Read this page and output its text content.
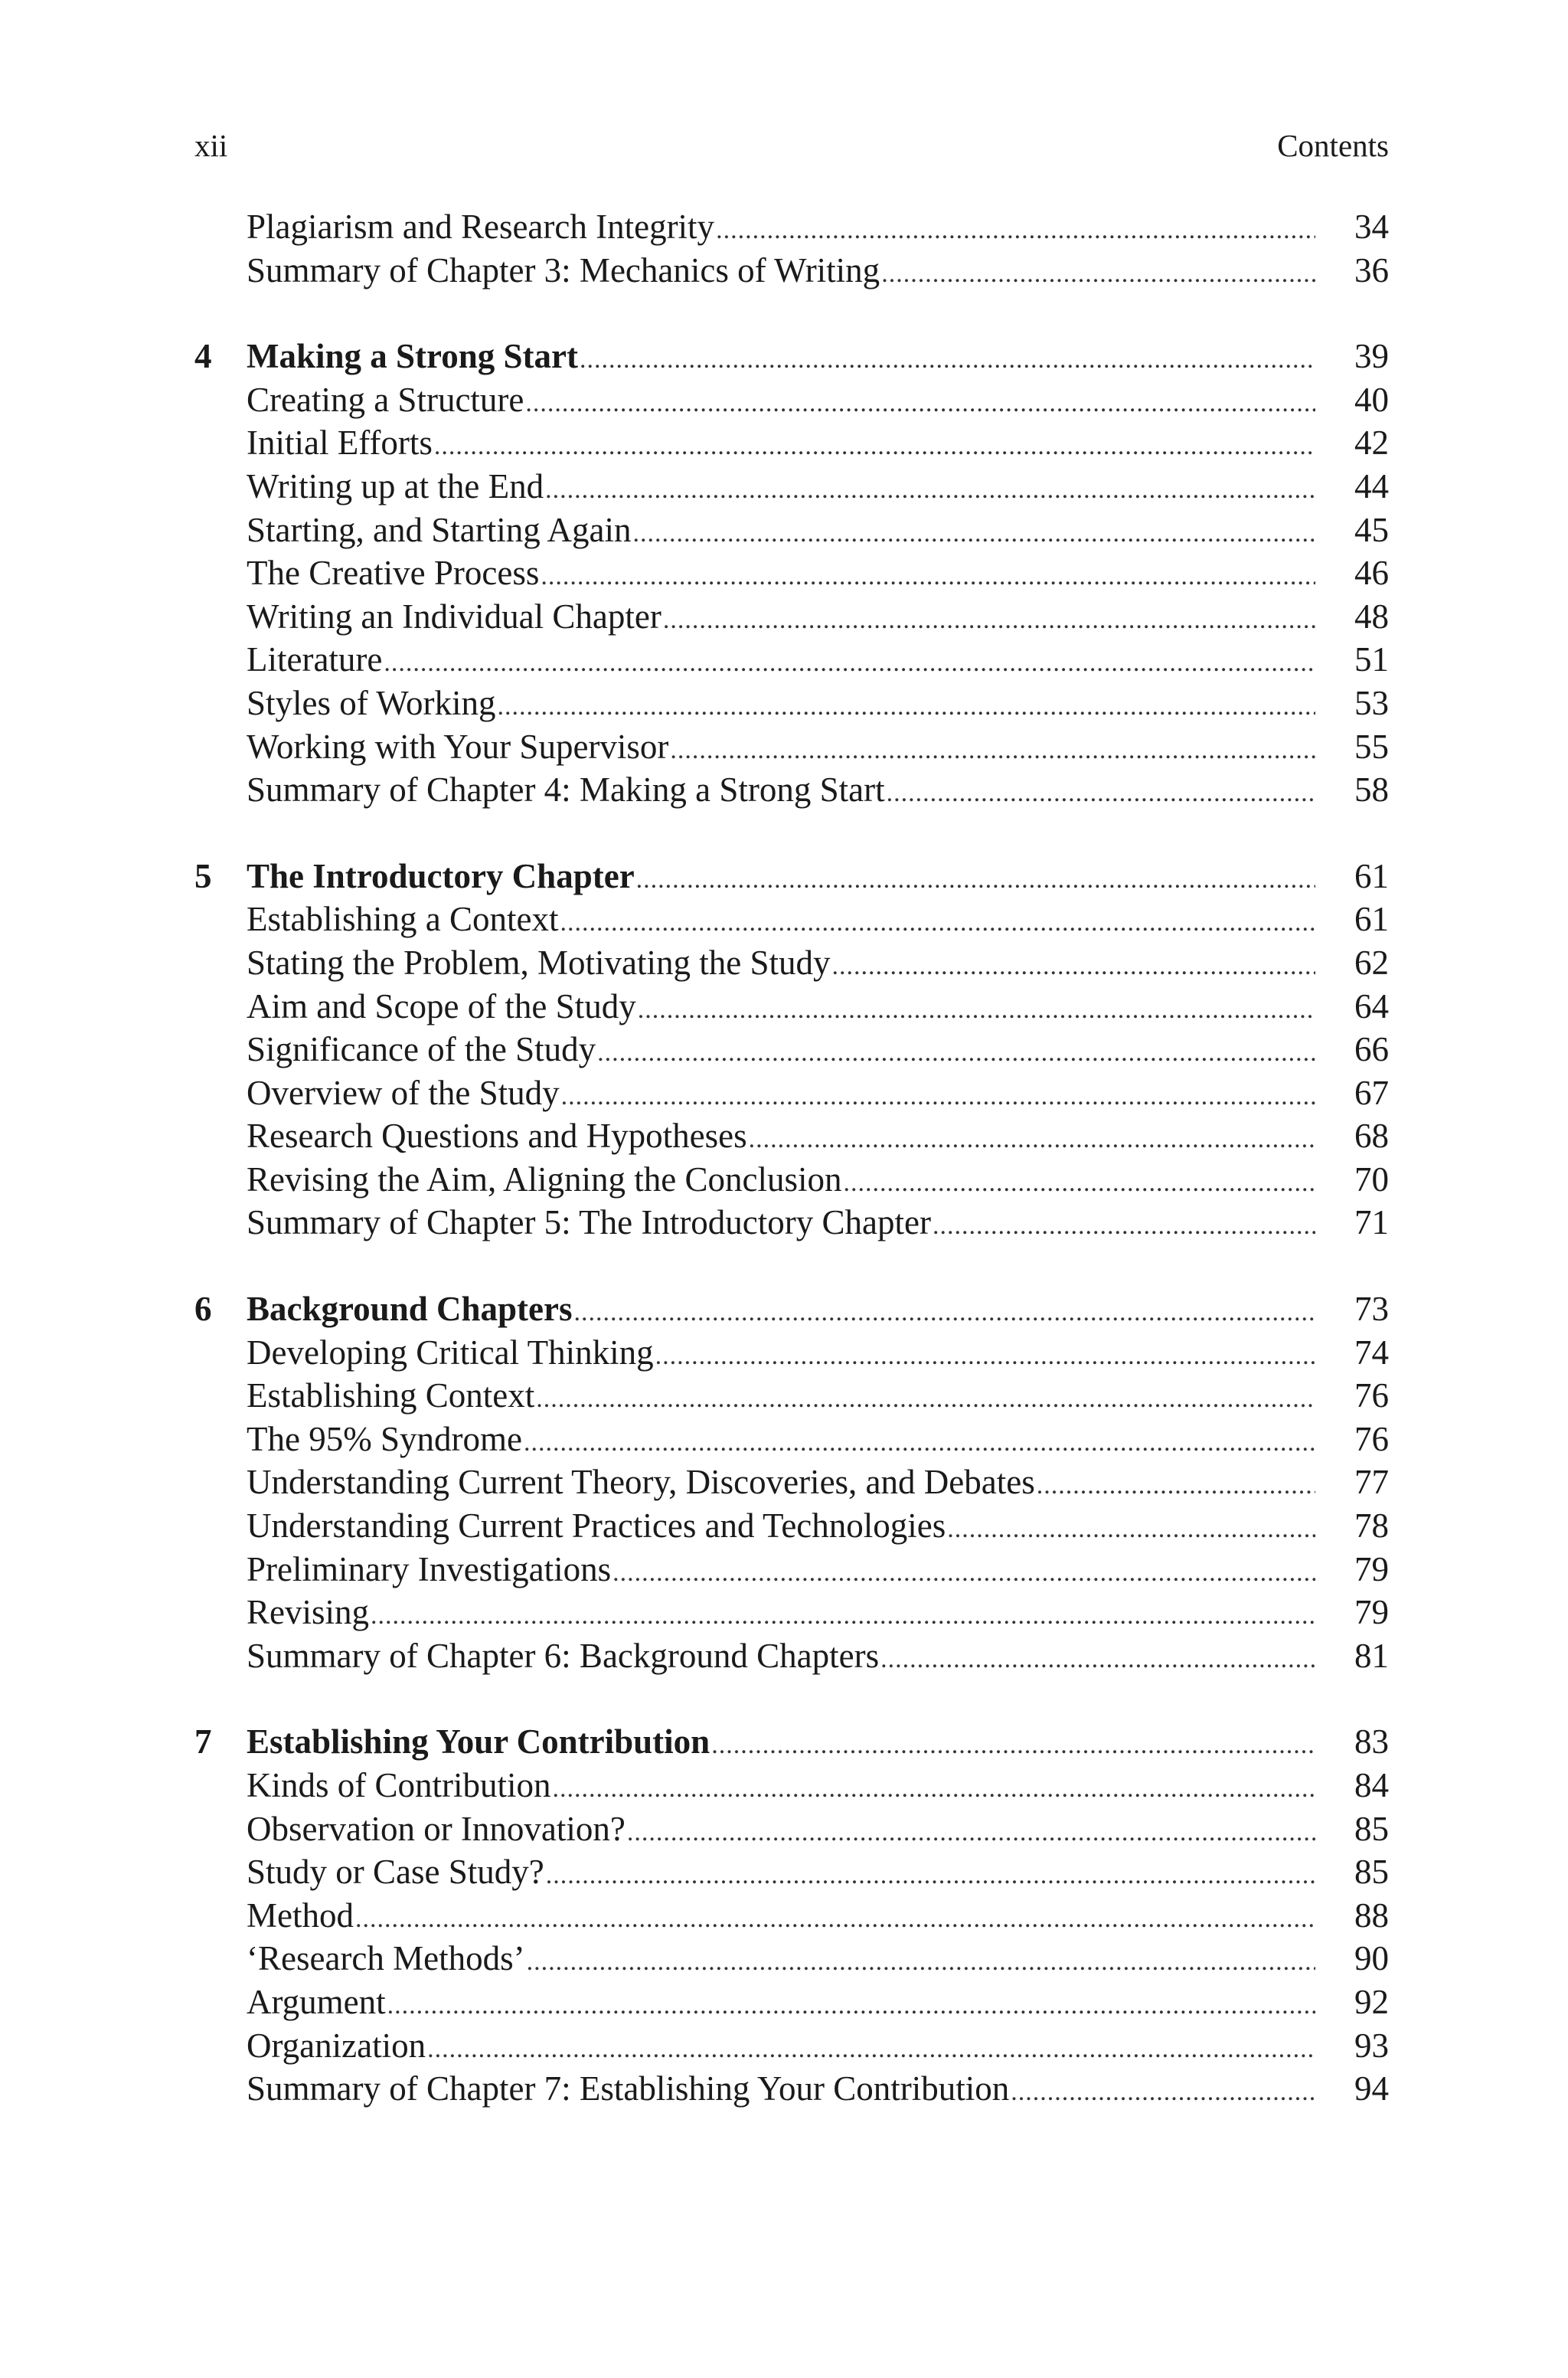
xii	Contents
Plagiarism and Research Integrity .....	34
Summary of Chapter 3: Mechanics of Writing .....	36
4 Making a Strong Start .....	39
Creating a Structure .....	40
Initial Efforts .....	42
Writing up at the End .....	44
Starting, and Starting Again .....	45
The Creative Process .....	46
Writing an Individual Chapter .....	48
Literature .....	51
Styles of Working .....	53
Working with Your Supervisor .....	55
Summary of Chapter 4: Making a Strong Start .....	58
5 The Introductory Chapter .....	61
Establishing a Context .....	61
Stating the Problem, Motivating the Study .....	62
Aim and Scope of the Study .....	64
Significance of the Study .....	66
Overview of the Study .....	67
Research Questions and Hypotheses .....	68
Revising the Aim, Aligning the Conclusion .....	70
Summary of Chapter 5: The Introductory Chapter .....	71
6 Background Chapters .....	73
Developing Critical Thinking .....	74
Establishing Context .....	76
The 95% Syndrome .....	76
Understanding Current Theory, Discoveries, and Debates .....	77
Understanding Current Practices and Technologies .....	78
Preliminary Investigations .....	79
Revising .....	79
Summary of Chapter 6: Background Chapters .....	81
7 Establishing Your Contribution .....	83
Kinds of Contribution .....	84
Observation or Innovation? .....	85
Study or Case Study? .....	85
Method .....	88
‘Research Methods’ .....	90
Argument .....	92
Organization .....	93
Summary of Chapter 7: Establishing Your Contribution .....	94
